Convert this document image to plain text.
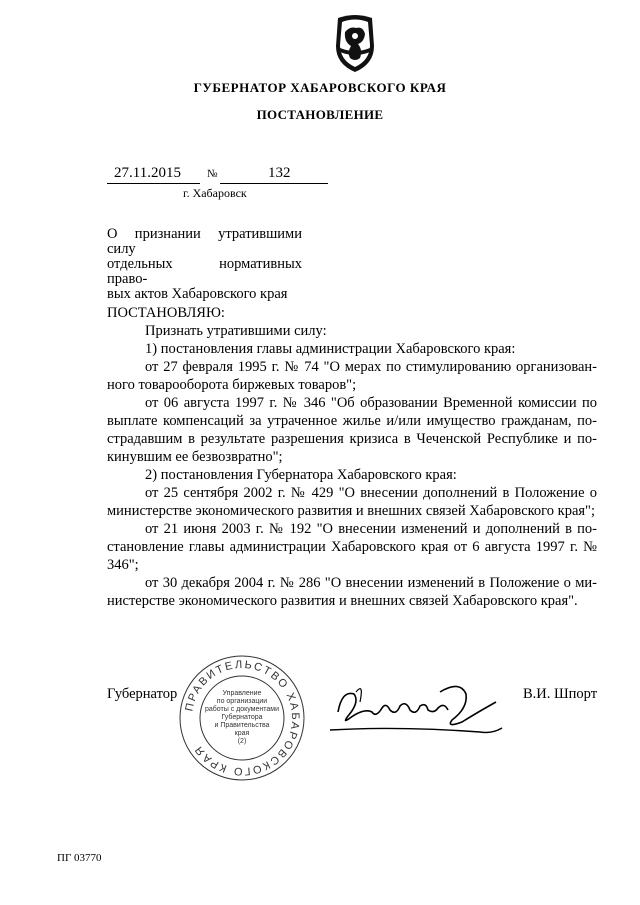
ГУБЕРНАТОР ХАБАРОВСКОГО КРАЯ
ПОСТАНОВЛЕНИЕ
27.11.2015 №	132
г. Хабаровск
О признании утратившими силу
отдельных нормативных право-
вых актов Хабаровского края

ПОСТАНОВЛЯЮ:

Признать утратившими силу:

1) постановления главы администрации Хабаровского края:

от 27 февраля 1995 г. № 74 "О мерах по стимулированию организован-ного товарооборота биржевых товаров";

от 06 августа 1997 г. № 346 "Об образовании Временной комиссии по выплате компенсаций за утраченное жилье и/или имущество гражданам, по-страдавшим в результате разрешения кризиса в Чеченской Республике и по-кинувшим ее безвозвратно";

2) постановления Губернатора Хабаровского края:

от 25 сентября 2002 г. № 429 "О внесении дополнений в Положение о министерстве экономического развития и внешних связей Хабаровского края";

от 21 июня 2003 г. № 192 "О внесении изменений и дополнений в по-становление главы администрации Хабаровского края от 6 августа 1997 г. № 346";

от 30 декабря 2004 г. № 286 "О внесении изменений в Положение о ми-нистерстве экономического развития и внешних связей Хабаровского края".

ПРАВИТЕЛЬСТВО ХАБАРОВСКОГО КРАЯ
Управление
по организации
работы с документами
Губернатора
и Правительства
края
(2)
Губернатор	В.И. Шпорт
ПГ 03770
